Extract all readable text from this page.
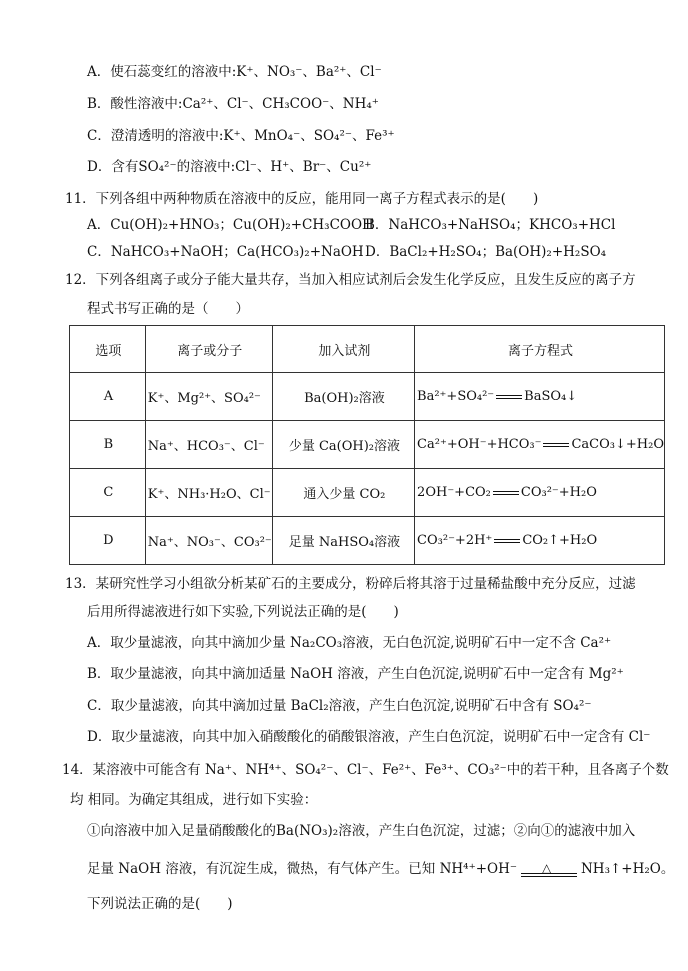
A．使石蕊变红的溶液中:K⁺、NO₃⁻、Ba²⁺、Cl⁻
B．酸性溶液中:Ca²⁺、Cl⁻、CH₃COO⁻、NH₄⁺
C．澄清透明的溶液中:K⁺、MnO₄⁻、SO₄²⁻、Fe³⁺
D．含有SO₄²⁻的溶液中:Cl⁻、H⁺、Br⁻、Cu²⁺
11．下列各组中两种物质在溶液中的反应，能用同一离子方程式表示的是(　　)
A．Cu(OH)₂+HNO₃；Cu(OH)₂+CH₃COOH
B．NaHCO₃+NaHSO₄；KHCO₃+HCl
C．NaHCO₃+NaOH；Ca(HCO₃)₂+NaOH D．BaCl₂+H₂SO₄；Ba(OH)₂+H₂SO₄
12．下列各组离子或分子能大量共存，当加入相应试剂后会发生化学反应，且发生反应的离子方
程式书写正确的是（　　）
选项	离子或分子	加入试剂	离子方程式
A	K⁺、Mg²⁺、SO₄²⁻	Ba(OH)₂溶液	Ba²⁺+SO₄²⁻ BaSO₄↓
B	Na⁺、HCO₃⁻、Cl⁻	少量 Ca(OH)₂溶液	Ca²⁺+OH⁻+HCO₃⁻ CaCO₃↓+H₂O
C	K⁺、NH₃·H₂O、Cl⁻	通入少量 CO₂	2OH⁻+CO₂ CO₃²⁻+H₂O
D	Na⁺、NO₃⁻、CO₃²⁻	足量 NaHSO₄溶液	CO₃²⁻+2H⁺ CO₂↑+H₂O
13．某研究性学习小组欲分析某矿石的主要成分，粉碎后将其溶于过量稀盐酸中充分反应，过滤
后用所得滤液进行如下实验,下列说法正确的是(　　)
A．取少量滤液，向其中滴加少量 Na₂CO₃溶液，无白色沉淀,说明矿石中一定不含 Ca²⁺
B．取少量滤液，向其中滴加适量 NaOH 溶液，产生白色沉淀,说明矿石中一定含有 Mg²⁺
C．取少量滤液，向其中滴加过量 BaCl₂溶液，产生白色沉淀,说明矿石中含有 SO₄²⁻
D．取少量滤液，向其中加入硝酸酸化的硝酸银溶液，产生白色沉淀，说明矿石中一定含有 Cl⁻
14．某溶液中可能含有 Na⁺、NH⁴⁺、SO₄²⁻、Cl⁻、Fe²⁺、Fe³⁺、CO₃²⁻中的若干种，且各离子个数
均 相同。为确定其组成，进行如下实验：
①向溶液中加入足量硝酸酸化的Ba(NO₃)₂溶液，产生白色沉淀，过滤；②向①的滤液中加入
足量 NaOH 溶液，有沉淀生成，微热，有气体产生。已知 NH⁴⁺+OH⁻ △ NH₃↑+H₂O。
下列说法正确的是(　　)
